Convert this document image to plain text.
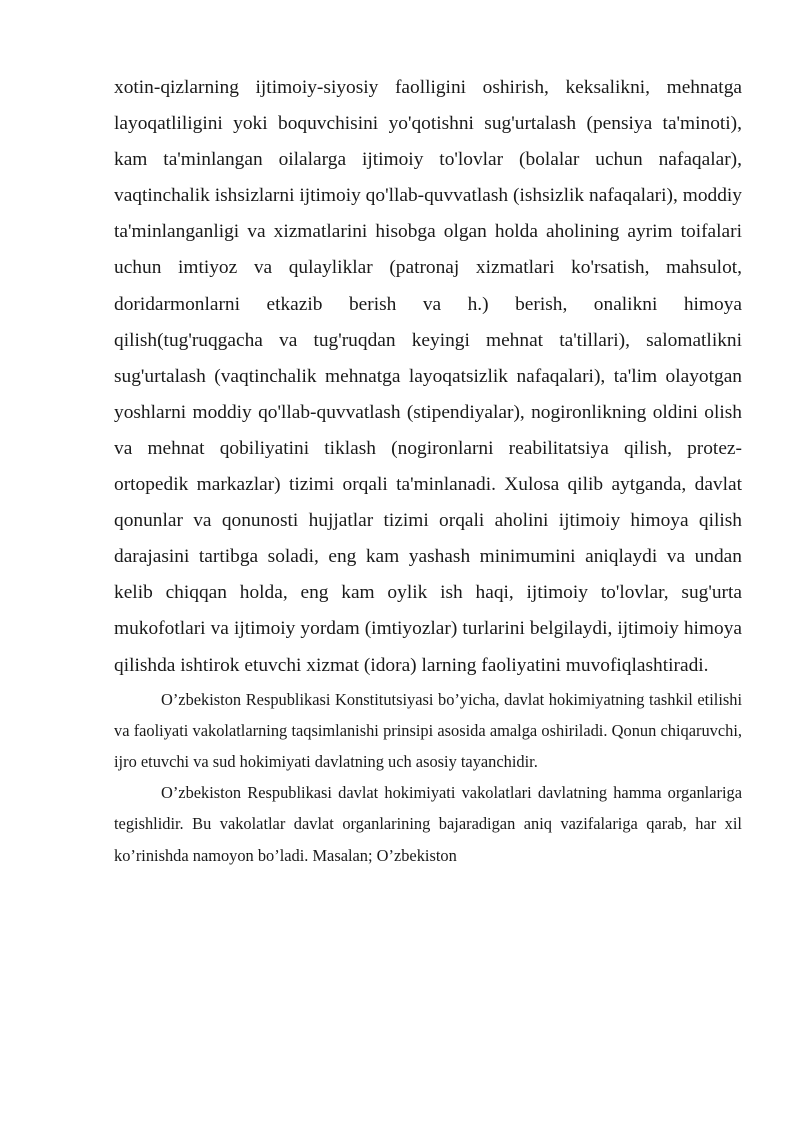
xotin-qizlarning ijtimoiy-siyosiy faolligini oshirish, keksalikni, mehnatga layoqatliligini yoki boquvchisini yo'qotishni sug'urtalash (pensiya ta'minoti), kam ta'minlangan oilalarga ijtimoiy to'lovlar (bolalar uchun nafaqalar), vaqtinchalik ishsizlarni ijtimoiy qo'llab-quvvatlash (ishsizlik nafaqalari), moddiy ta'minlanganligi va xizmatlarini hisobga olgan holda aholining ayrim toifalari uchun imtiyoz va qulayliklar (patronaj xizmatlari ko'rsatish, mahsulot, doridarmonlarni etkazib berish va h.) berish, onalikni himoya qilish(tug'ruqgacha va tug'ruqdan keyingi mehnat ta'tillari), salomatlikni sug'urtalash (vaqtinchalik mehnatga layoqatsizlik nafaqalari), ta'lim olayotgan yoshlarni moddiy qo'llab-quvvatlash (stipendiyalar), nogironlikning oldini olish va mehnat qobiliyatini tiklash (nogironlarni reabilitatsiya qilish, protez-ortopedik markazlar) tizimi orqali ta'minlanadi. Xulosa qilib aytganda, davlat qonunlar va qonunosti hujjatlar tizimi orqali aholini ijtimoiy himoya qilish darajasini tartibga soladi, eng kam yashash minimumini aniqlaydi va undan kelib chiqqan holda, eng kam oylik ish haqi, ijtimoiy to'lovlar, sug'urta mukofotlari va ijtimoiy yordam (imtiyozlar) turlarini belgilaydi, ijtimoiy himoya qilishda ishtirok etuvchi xizmat (idora) larning faoliyatini muvofiqlashtiradi.

O’zbekiston Respublikasi Konstitutsiyasi bo’yicha, davlat hokimiyatning tashkil etilishi va faoliyati vakolatlarning taqsimlanishi prinsipi asosida amalga oshiriladi. Qonun chiqaruvchi, ijro etuvchi va sud hokimiyati davlatning uch asosiy tayanchidir.

O’zbekiston Respublikasi davlat hokimiyati vakolatlari davlatning hamma organlariga tegishlidir. Bu vakolatlar davlat organlarining bajaradigan aniq vazifalariga qarab, har xil ko’rinishda namoyon bo’ladi. Masalan; O’zbekiston
